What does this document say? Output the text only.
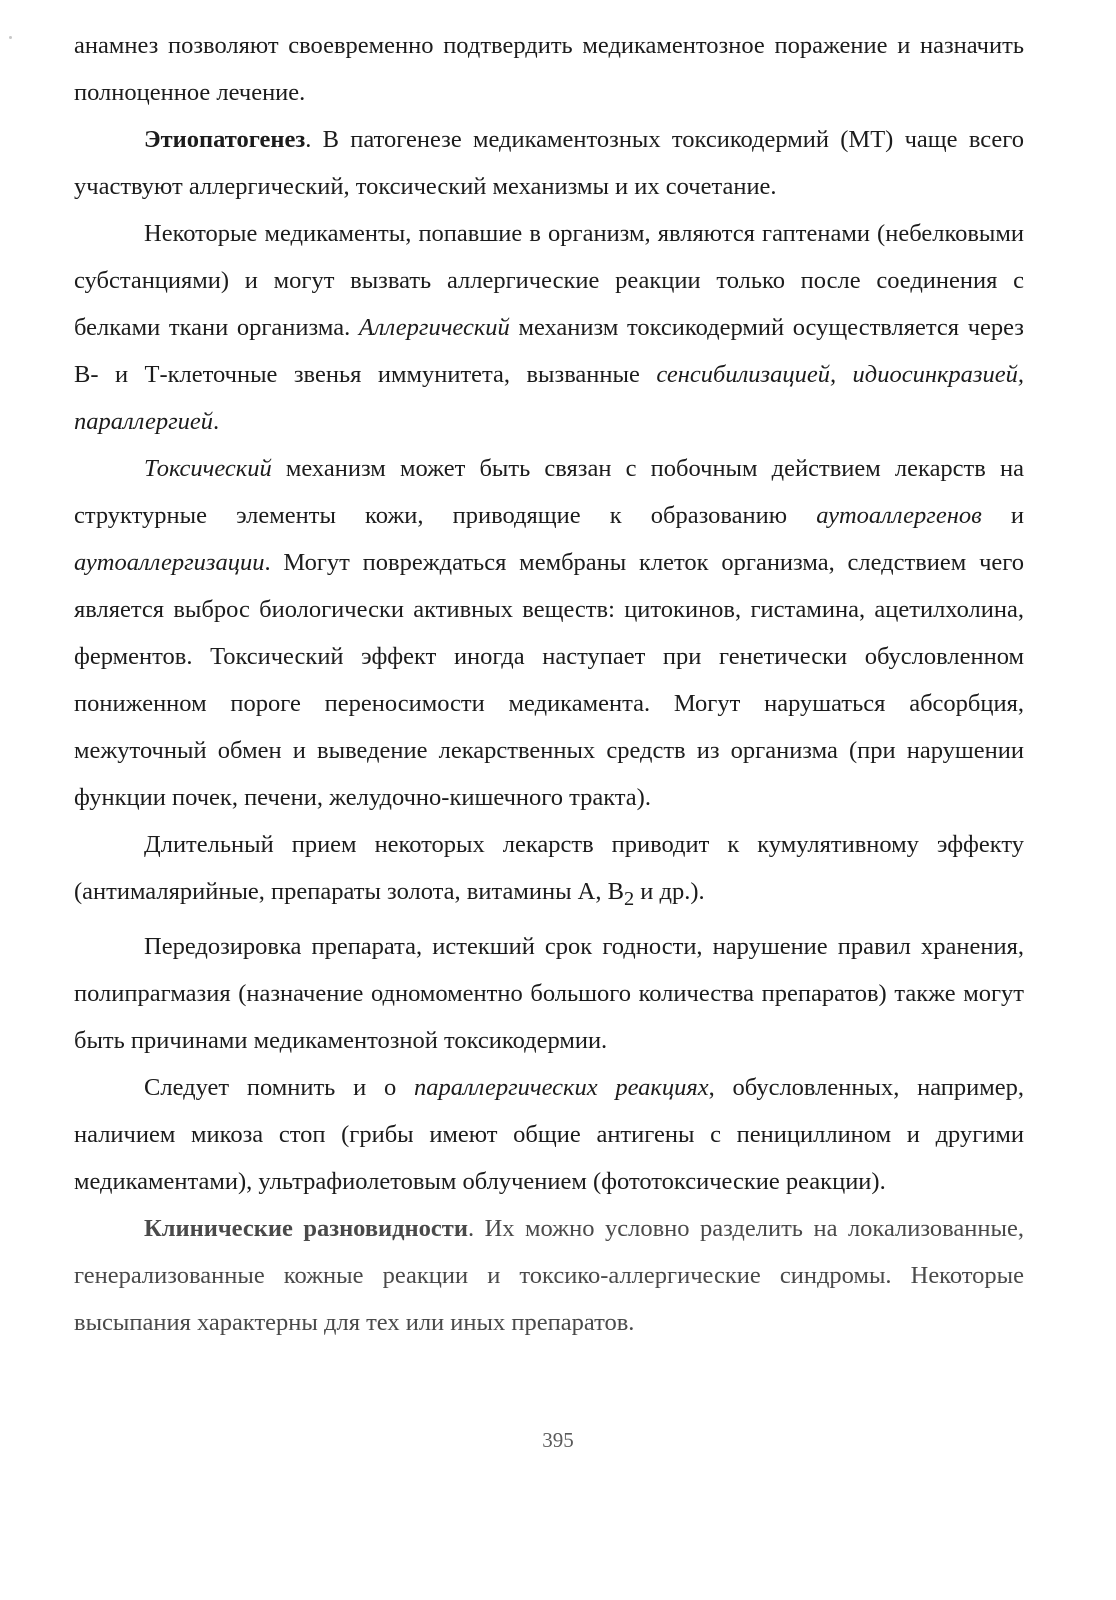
анамнез позволяют своевременно подтвердить медикаментозное поражение и назначить полноценное лечение.

Этиопатогенез. В патогенезе медикаментозных токсикодермий (МТ) чаще всего участвуют аллергический, токсический механизмы и их сочетание.

Некоторые медикаменты, попавшие в организм, являются гаптенами (небелковыми субстанциями) и могут вызвать аллергические реакции только после соединения с белками ткани организма. Аллергический механизм токсикодермий осуществляется через В- и Т-клеточные звенья иммунитета, вызванные сенсибилизацией, идиосинкразией, параллергией.

Токсический механизм может быть связан с побочным действием лекарств на структурные элементы кожи, приводящие к образованию аутоаллергенов и аутоаллергизации. Могут повреждаться мембраны клеток организма, следствием чего является выброс биологически активных веществ: цитокинов, гистамина, ацетилхолина, ферментов. Токсический эффект иногда наступает при генетически обусловленном пониженном пороге переносимости медикамента. Могут нарушаться абсорбция, межуточный обмен и выведение лекарственных средств из организма (при нарушении функции почек, печени, желудочно-кишечного тракта).

Длительный прием некоторых лекарств приводит к кумулятивному эффекту (антималярийные, препараты золота, витамины А, $В_2$ и др.).

Передозировка препарата, истекший срок годности, нарушение правил хранения, полипрагмазия (назначение одномоментно большого количества препаратов) также могут быть причинами медикаментозной токсикодермии.

Следует помнить и о параллергических реакциях, обусловленных, например, наличием микоза стоп (грибы имеют общие антигены с пенициллином и другими медикаментами), ультрафиолетовым облучением (фототоксические реакции).

Клинические разновидности. Их можно условно разделить на локализованные, генерализованные кожные реакции и токсико-аллергические синдромы. Некоторые высыпания характерны для тех или иных препаратов.

395
